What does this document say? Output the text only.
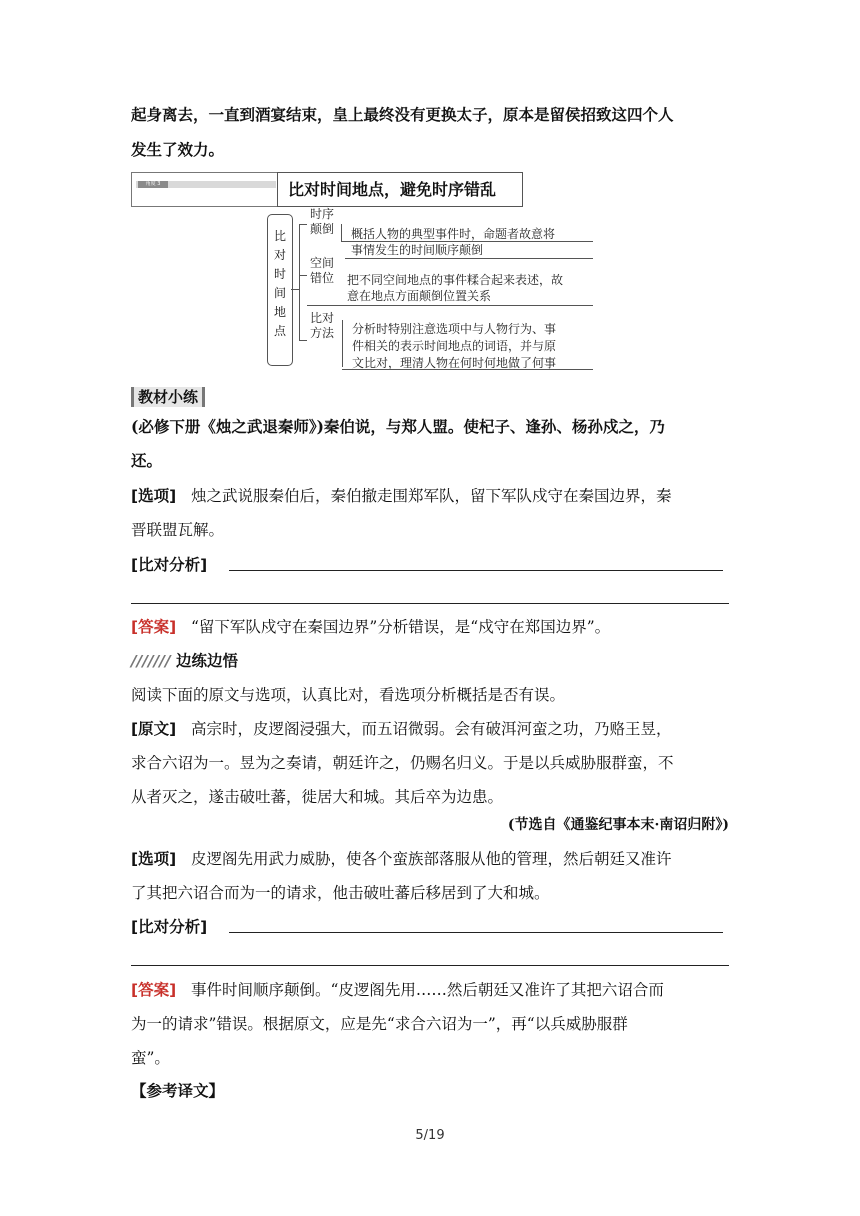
起身离去，一直到酒宴结束，皇上最终没有更换太子，原本是留侯招致这四个人
发生了效力。
角度 3	比对时间地点，避免时序错乱
比对时间地点
时序
颠倒	概括人物的典型事件时，命题者故意将
事情发生的时间顺序颠倒
空间
错位	把不同空间地点的事件糅合起来表述，故
意在地点方面颠倒位置关系
比对
方法	分析时特别注意选项中与人物行为、事
件相关的表示时间地点的词语，并与原
文比对，理清人物在何时何地做了何事
教材小练
(必修下册《烛之武退秦师》)秦伯说，与郑人盟。使杞子、逢孙、杨孙戍之，乃
还。
[选项] 烛之武说服秦伯后，秦伯撤走围郑军队，留下军队戍守在秦国边界，秦
晋联盟瓦解。
[比对分析]
[答案] “留下军队戍守在秦国边界”分析错误，是“戍守在郑国边界”。
/////// 边练边悟
阅读下面的原文与选项，认真比对，看选项分析概括是否有误。
[原文] 高宗时，皮逻阁浸强大，而五诏微弱。会有破洱河蛮之功，乃赂王昱，
求合六诏为一。昱为之奏请，朝廷许之，仍赐名归义。于是以兵威胁服群蛮，不
从者灭之，遂击破吐蕃，徙居大和城。其后卒为边患。
(节选自《通鉴纪事本末·南诏归附》)
[选项] 皮逻阁先用武力威胁，使各个蛮族部落服从他的管理，然后朝廷又准许
了其把六诏合而为一的请求，他击破吐蕃后移居到了大和城。
[比对分析]
[答案] 事件时间顺序颠倒。“皮逻阁先用……然后朝廷又准许了其把六诏合而
为一的请求”错误。根据原文，应是先“求合六诏为一”，再“以兵威胁服群
蛮”。
【参考译文】
5/19
